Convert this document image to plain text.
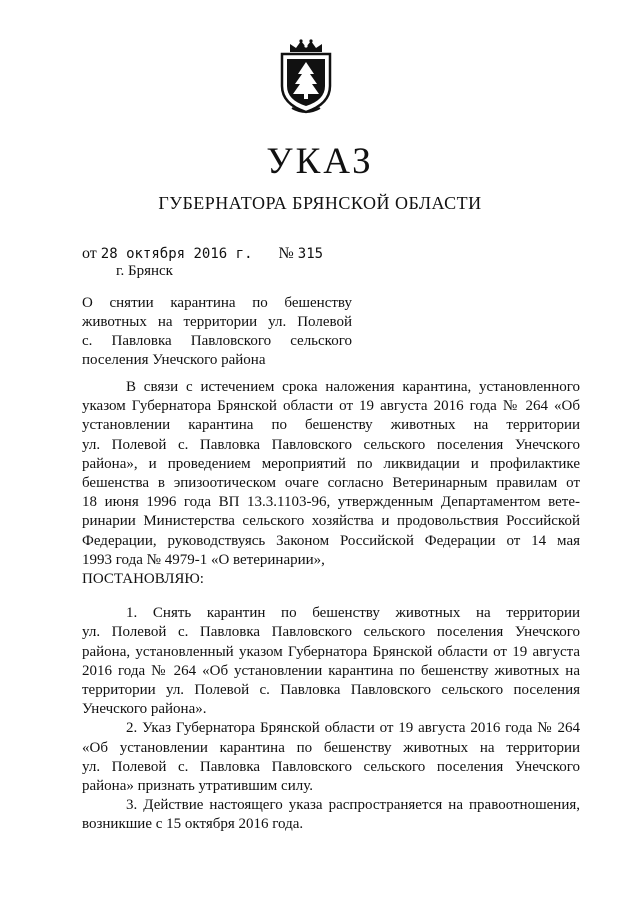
УКАЗ
ГУБЕРНАТОРА БРЯНСКОЙ ОБЛАСТИ
от 28 октября 2016 г. № 315
г. Брянск
О снятии карантина по бешенству
животных на территории ул. Полевой
с. Павловка Павловского сельского
поселения Унечского района
В связи с истечением срока наложения карантина, установленного
указом Губернатора Брянской области от 19 августа 2016 года № 264 «Об
установлении карантина по бешенству животных на территории
ул. Полевой с. Павловка Павловского сельского поселения Унечского
района», и проведением мероприятий по ликвидации и профилактике
бешенства в эпизоотическом очаге согласно Ветеринарным правилам от
18 июня 1996 года ВП 13.3.1103-96, утвержденным Департаментом вете-
ринарии Министерства сельского хозяйства и продовольствия Российской
Федерации, руководствуясь Законом Российской Федерации от 14 мая
1993 года № 4979-1 «О ветеринарии»,
ПОСТАНОВЛЯЮ:
1. Снять карантин по бешенству животных на территории
ул. Полевой с. Павловка Павловского сельского поселения Унечского
района, установленный указом Губернатора Брянской области от 19 августа
2016 года № 264 «Об установлении карантина по бешенству животных на
территории ул. Полевой с. Павловка Павловского сельского поселения
Унечского района».
2. Указ Губернатора Брянской области от 19 августа 2016 года № 264
«Об установлении карантина по бешенству животных на территории
ул. Полевой с. Павловка Павловского сельского поселения Унечского
района» признать утратившим силу.
3. Действие настоящего указа распространяется на правоотношения,
возникшие с 15 октября 2016 года.
